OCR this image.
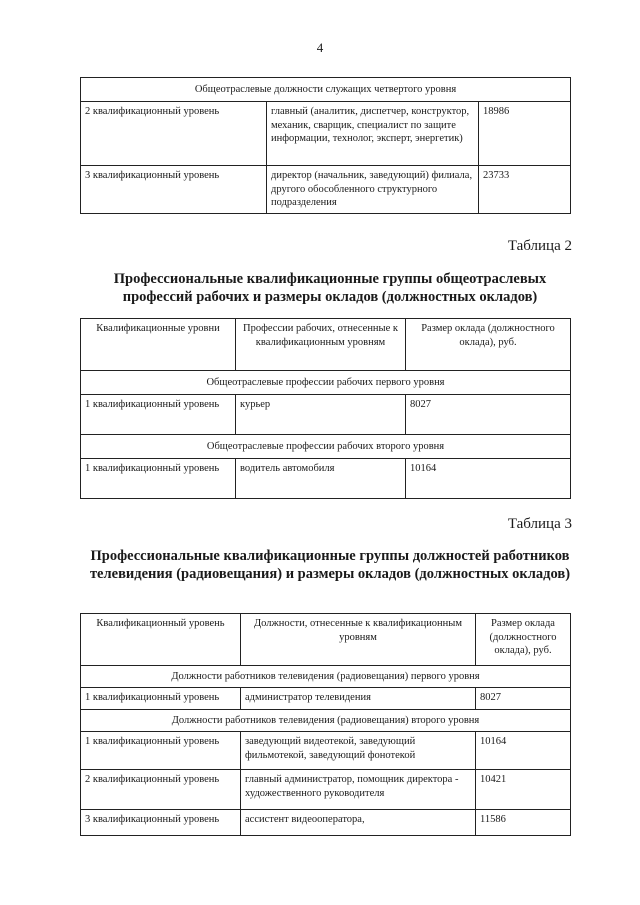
4
Общеотраслевые должности служащих четвертого уровня		
2 квалификационный уровень	главный (аналитик, диспетчер, конструктор, механик, сварщик, специалист по защите информации, технолог, эксперт, энергетик)	18986
3 квалификационный уровень	директор (начальник, заведующий) филиала, другого обособленного структурного подразделения	23733
Таблица 2
Профессиональные квалификационные группы общеотраслевых профессий рабочих и размеры окладов (должностных окладов)
Квалификационные уровни	Профессии рабочих, отнесенные к квалификационным уровням	Размер оклада (должностного оклада), руб.
Общеотраслевые профессии рабочих первого уровня		
1 квалификационный уровень	курьер	8027
Общеотраслевые профессии рабочих второго уровня		
1 квалификационный уровень	водитель автомобиля	10164
Таблица 3
Профессиональные квалификационные группы должностей работников телевидения (радиовещания) и размеры окладов (должностных окладов)
Квалификационный уровень	Должности, отнесенные к квалификационным уровням	Размер оклада (должностного оклада), руб.
Должности работников телевидения (радиовещания) первого уровня		
1 квалификационный уровень	администратор телевидения	8027
Должности работников телевидения (радиовещания) второго уровня		
1 квалификационный уровень	заведующий видеотекой, заведующий фильмотекой, заведующий фонотекой	10164
2 квалификационный уровень	главный администратор, помощник директора - художественного руководителя	10421
3 квалификационный уровень	ассистент видеооператора,	11586
